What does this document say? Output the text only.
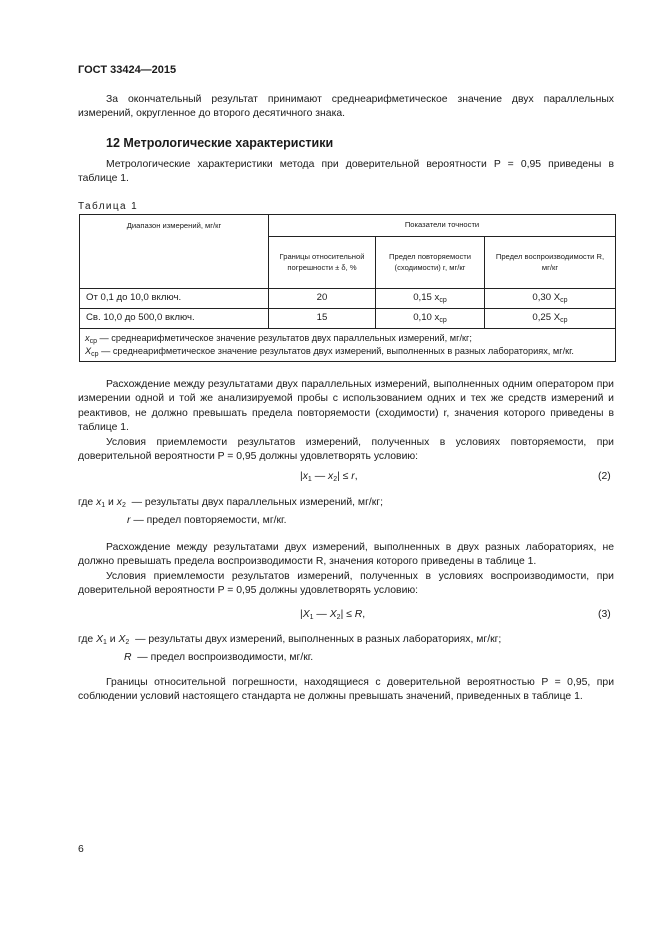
ГОСТ 33424—2015

За окончательный результат принимают среднеарифметическое значение двух параллельных измерений, округленное до второго десятичного знака.

12 Метрологические характеристики

Метрологические характеристики метода при доверительной вероятности P = 0,95 приведены в таблице 1.

Таблица 1
Диапазон измерений, мг/кг	Показатели точности		
	Границы относительной погрешности ± δ, %	Предел повторяемости (сходимости) r, мг/кг	Предел воспроизводимости R, мг/кг
От 0,1 до 10,0 включ.	20	0,15 $x_{ср}$	0,30 $X_{ср}$
Св. 10,0 до 500,0 включ.	15	0,10 $x_{ср}$	0,25 $X_{ср}$

$x_{ср}$ — среднеарифметическое значение результатов двух параллельных измерений, мг/кг;
$X_{ср}$ — среднеарифметическое значение результатов двух измерений, выполненных в разных лабораториях, мг/кг.			

Расхождение между результатами двух параллельных измерений, выполненных одним оператором при измерении одной и той же анализируемой пробы с использованием одних и тех же средств измерений и реактивов, не должно превышать предела повторяемости (сходимости) r, значения которого приведены в таблице 1.

Условия приемлемости результатов измерений, полученных в условиях повторяемости, при доверительной вероятности P = 0,95 должны удовлетворять условию:

$|x_1$ — $x_2| \le r$,	(2)
где $x_1$ и $x_2$ — результаты двух параллельных измерений, мг/кг;
r — предел повторяемости, мг/кг.

Расхождение между результатами двух измерений, выполненных в двух разных лабораториях, не должно превышать предела воспроизводимости R, значения которого приведены в таблице 1.

Условия приемлемости результатов измерений, полученных в условиях воспроизводимости, при доверительной вероятности P = 0,95 должны удовлетворять условию:

$|X_1$ — $X_2| \le R$,	(3)
где $X_1$ и $X_2$ — результаты двух измерений, выполненных в разных лабораториях, мг/кг;
R — предел воспроизводимости, мг/кг.

Границы относительной погрешности, находящиеся с доверительной вероятностью P = 0,95, при соблюдении условий настоящего стандарта не должны превышать значений, приведенных в таблице 1.

6
